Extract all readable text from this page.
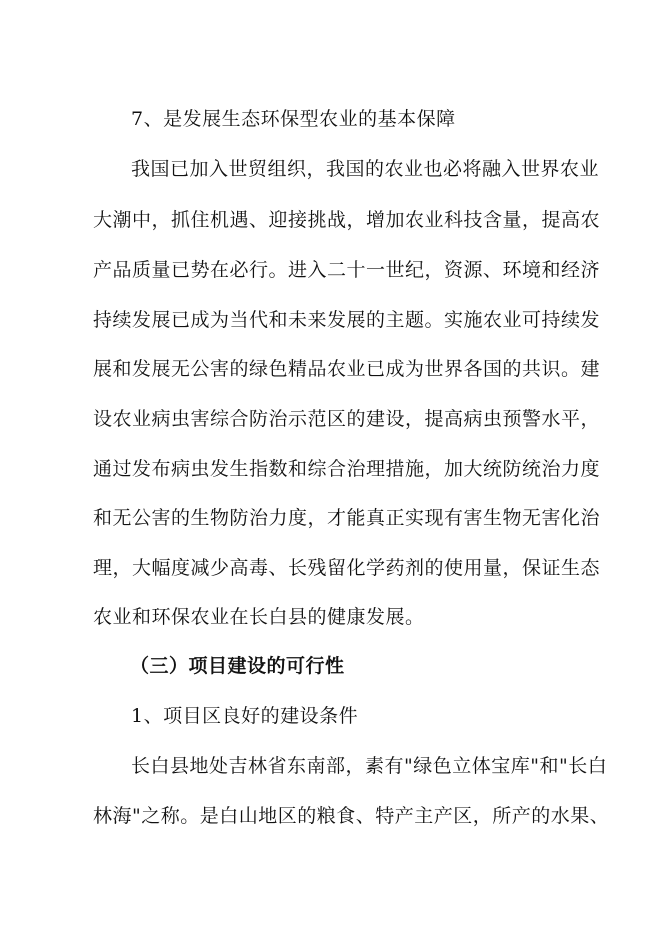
7、是发展生态环保型农业的基本保障
我国已加入世贸组织，我国的农业也必将融入世界农业
大潮中，抓住机遇、迎接挑战，增加农业科技含量，提高农
产品质量已势在必行。进入二十一世纪，资源、环境和经济
持续发展已成为当代和未来发展的主题。实施农业可持续发
展和发展无公害的绿色精品农业已成为世界各国的共识。建
设农业病虫害综合防治示范区的建设，提高病虫预警水平，
通过发布病虫发生指数和综合治理措施，加大统防统治力度
和无公害的生物防治力度，才能真正实现有害生物无害化治
理，大幅度减少高毒、长残留化学药剂的使用量，保证生态
农业和环保农业在长白县的健康发展。
（三）项目建设的可行性
1、项目区良好的建设条件
长白县地处吉林省东南部，素有"绿色立体宝库"和"长白
林海"之称。是白山地区的粮食、特产主产区，所产的水果、
